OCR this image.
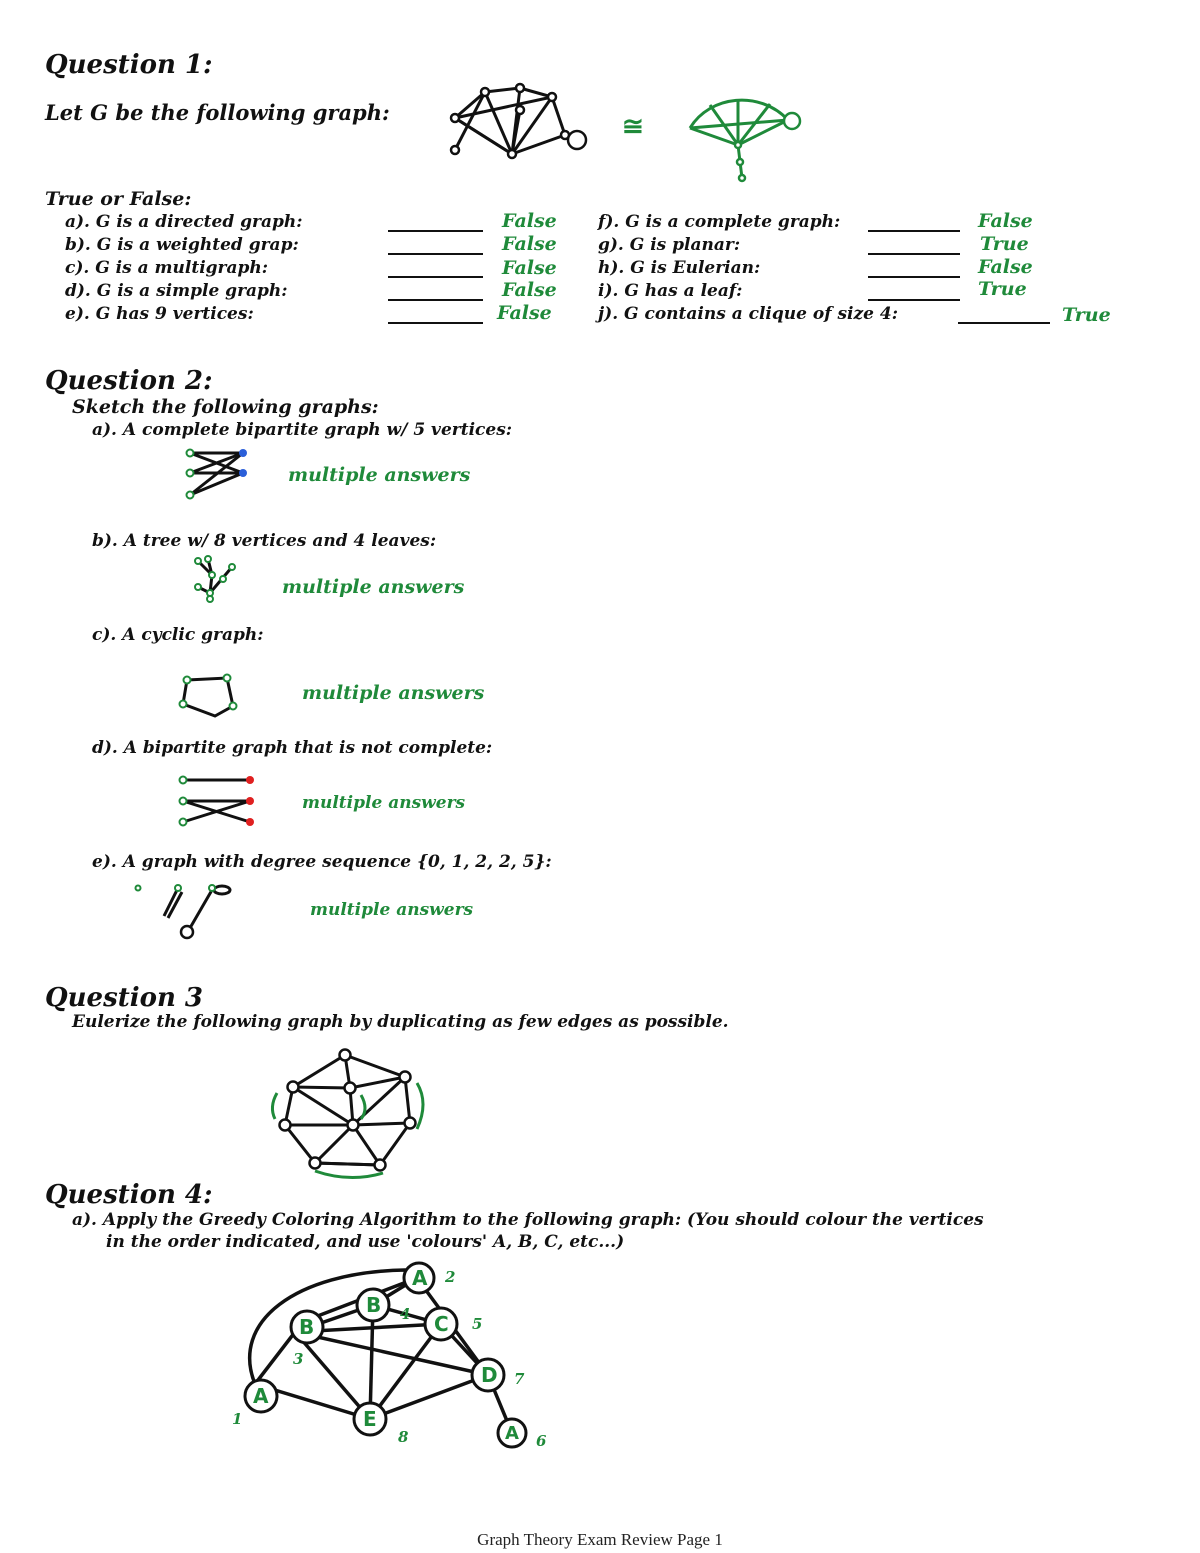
Question 1:
Let G be the following graph:	≅
True or False:
a). G is a directed graph:	False
b). G is a weighted grap:	False
c). G is a multigraph:	False
d). G is a simple graph:	False
e). G has 9 vertices:	False
f). G is a complete graph:	False
g). G is planar:	True
h). G is Eulerian:	False
i). G has a leaf:	True
j). G contains a clique of size 4:	True
Question 2:
Sketch the following graphs:
a). A complete bipartite graph w/ 5 vertices:
multiple answers
b). A tree w/ 8 vertices and 4 leaves:
multiple answers
c). A cyclic graph:
multiple answers
d). A bipartite graph that is not complete:
multiple answers
e). A graph with degree sequence {0, 1, 2, 2, 5}:
multiple answers
Question 3
Eulerize the following graph by duplicating as few edges as possible.
Question 4:
a). Apply the Greedy Coloring Algorithm to the following graph: (You should colour the vertices
in the order indicated, and use 'colours' A, B, C, etc...)
A
1
B
3
B 4
A 2
C 5
D 7
E
8	A 6
Graph Theory Exam Review Page 1
